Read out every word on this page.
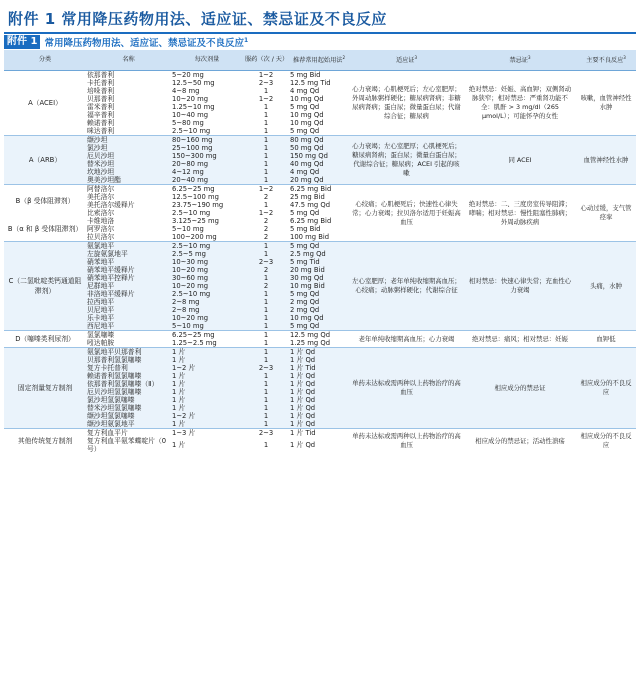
附件 1 常用降压药物用法、适应证、禁忌证及不良反应
附件 1 常用降压药物用法、适应证、禁忌证及不良反应$^1$
分类	名称	每次剂量	服药（次 / 天）	推荐常用起始用法$^2$	适应证$^3$	禁忌证$^3$	主要不良反应$^3$
A（ACEI）	依那普利	5~20 mg	1~2	5 mg Bid	心力衰竭；心肌梗死后；左心室肥厚；外周动脉粥样硬化；糖尿病肾病；非糖尿病肾病；蛋白尿；微量蛋白尿；代谢综合征；糖尿病	绝对禁忌：妊娠、高血钾；双侧肾动脉狭窄；相对禁忌：严重肾功能不全：肌酐 > 3 mg/dl（265 μmol/L）；可能怀孕的女性	咳嗽，血管神经性水肿
	卡托普利	12.5~50 mg	2~3	12.5 mg Tid			
	培哚普利	4~8 mg	1	4 mg Qd			
	贝那普利	10~20 mg	1~2	10 mg Qd			
	雷米普利	1.25~10 mg	1	5 mg Qd			
	福辛普利	10~40 mg	1	10 mg Qd			
	赖诺普利	5~80 mg	1	10 mg Qd			
	咪达普利	2.5~10 mg	1	5 mg Qd			
A（ARB）	缬沙坦	80~160 mg	1	80 mg Qd	心力衰竭；左心室肥厚；心肌梗死后；糖尿病肾病；蛋白尿；微量白蛋白尿；代谢综合征；糖尿病；ACEI 引起的咳嗽	同 ACEI	血管神经性水肿
	氯沙坦	25~100 mg	1	50 mg Qd			
	厄贝沙坦	150~300 mg	1	150 mg Qd			
	替米沙坦	20~80 mg	1	40 mg Qd			
	坎地沙坦	4~12 mg	1	4 mg Qd			
	奥美沙坦酯	20~40 mg	1	20 mg Qd			
B（β 受体阻滞剂）	阿替洛尔	6.25~25 mg	1~2	6.25 mg Bid	心绞痛；心肌梗死后；快速性心律失常；心力衰竭；拉贝洛尔适用于妊娠高血压	绝对禁忌：二、三度房室传导阻滞；哮喘；相对禁忌：慢性阻塞性肺病；外周动脉疾病	心动过缓，支气管痉挛
	美托洛尔	12.5~100 mg	2	25 mg Bid			
	美托洛尔缓释片	23.75~190 mg	1	47.5 mg Qd			
	比索洛尔	2.5~10 mg	1~2	5 mg Qd			
B（α 和 β 受体阻滞剂）	卡维地洛	3.125~25 mg	2	6.25 mg Bid			
	阿罗洛尔	5~10 mg	2	5 mg Bid			
	拉贝洛尔	100~200 mg	2	100 mg Bid			
C（二氢吡啶类钙通道阻滞剂）	氨氯地平	2.5~10 mg	1	5 mg Qd	左心室肥厚；老年单纯收缩期高血压；心绞痛；动脉粥样硬化；代谢综合征	相对禁忌：快速心律失常；充血性心力衰竭	头痛，水肿
	左旋氨氯地平	2.5~5 mg	1	2.5 mg Qd			
	硝苯地平	10~30 mg	2~3	5 mg Tid			
	硝苯地平缓释片	10~20 mg	2	20 mg Bid			
	硝苯地平控释片	30~60 mg	1	30 mg Qd			
	尼群地平	10~20 mg	2	10 mg Bid			
	非洛地平缓释片	2.5~10 mg	1	5 mg Qd			
	拉西地平	2~8 mg	1	2 mg Qd			
	贝尼地平	2~8 mg	1	2 mg Qd			
	乐卡地平	10~20 mg	1	10 mg Qd			
	西尼地平	5~10 mg	1	5 mg Qd			
D（噻嗪类利尿剂）	氢氯噻嗪	6.25~25 mg	1	12.5 mg Qd	老年单纯收缩期高血压；心力衰竭	绝对禁忌：痛风；相对禁忌：妊娠	血钾低
	吲达帕胺	1.25~2.5 mg	1	1.25 mg Qd			
固定剂量复方制剂	氨氯地平贝那普利	1 片	1	1 片 Qd	单药未达标或需两种以上药物治疗的高血压	相应成分的禁忌证	相应成分的不良反应
	贝那普利氢氯噻嗪	1 片	1	1 片 Qd			
	复方卡托普利	1~2 片	2~3	1 片 Tid			
	赖诺普利氢氯噻嗪	1 片	1	1 片 Qd			
	依那普利氢氯噻嗪（Ⅱ）	1 片	1	1 片 Qd			
	厄贝沙坦氢氯噻嗪	1 片	1	1 片 Qd			
	氯沙坦氢氯噻嗪	1 片	1	1 片 Qd			
	替米沙坦氢氯噻嗪	1 片	1	1 片 Qd			
	缬沙坦氢氯噻嗪	1~2 片	1	1 片 Qd			
	缬沙坦氨氯地平	1 片	1	1 片 Qd			
其他传统复方制剂	复方利血平片	1~3 片	2~3	1 片 Tid	单药未达标或需两种以上药物治疗的高血压	相应成分的禁忌证；活动性溃疡	相应成分的不良反应
	复方利血平氨苯蝶啶片（0 号）	1 片	1	1 片 Qd			
